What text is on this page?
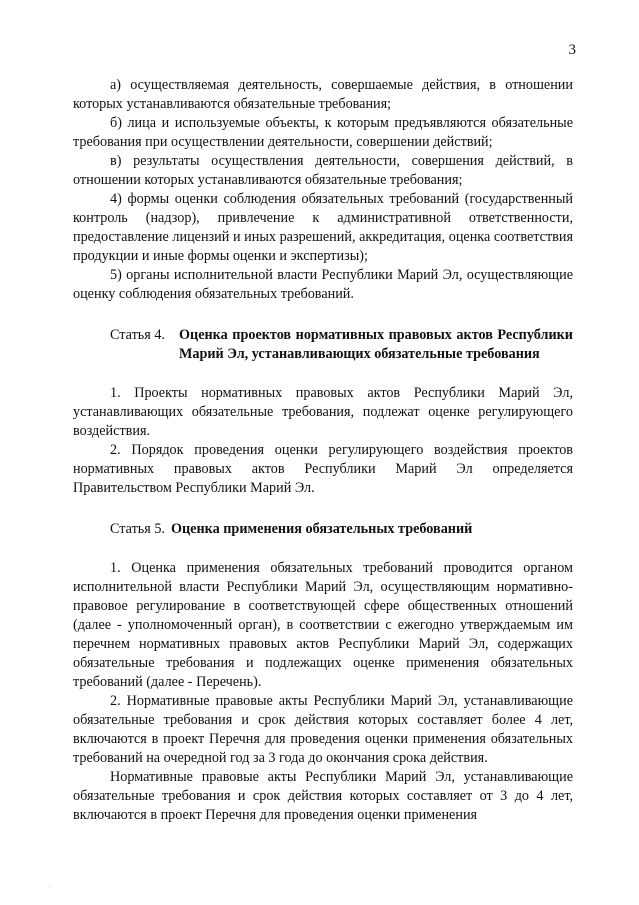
3

а) осуществляемая деятельность, совершаемые действия, в отношении которых устанавливаются обязательные требования;

б) лица и используемые объекты, к которым предъявляются обязательные требования при осуществлении деятельности, совершении действий;

в) результаты осуществления деятельности, совершения действий, в отношении которых устанавливаются обязательные требования;

4) формы оценки соблюдения обязательных требований (государственный контроль (надзор), привлечение к административной ответственности, предоставление лицензий и иных разрешений, аккредитация, оценка соответствия продукции и иные формы оценки и экспертизы);

5) органы исполнительной власти Республики Марий Эл, осуществляющие оценку соблюдения обязательных требований.

Статья 4. Оценка проектов нормативных правовых актов Республики Марий Эл, устанавливающих обязательные требования

1. Проекты нормативных правовых актов Республики Марий Эл, устанавливающих обязательные требования, подлежат оценке регулирующего воздействия.

2. Порядок проведения оценки регулирующего воздействия проектов нормативных правовых актов Республики Марий Эл определяется Правительством Республики Марий Эл.

Статья 5. Оценка применения обязательных требований

1. Оценка применения обязательных требований проводится органом исполнительной власти Республики Марий Эл, осуществляющим нормативно-правовое регулирование в соответствующей сфере общественных отношений (далее - уполномоченный орган), в соответствии с ежегодно утверждаемым им перечнем нормативных правовых актов Республики Марий Эл, содержащих обязательные требования и подлежащих оценке применения обязательных требований (далее - Перечень).

2. Нормативные правовые акты Республики Марий Эл, устанавливающие обязательные требования и срок действия которых составляет более 4 лет, включаются в проект Перечня для проведения оценки применения обязательных требований на очередной год за 3 года до окончания срока действия.

Нормативные правовые акты Республики Марий Эл, устанавливающие обязательные требования и срок действия которых составляет от 3 до 4 лет, включаются в проект Перечня для проведения оценки применения

.
